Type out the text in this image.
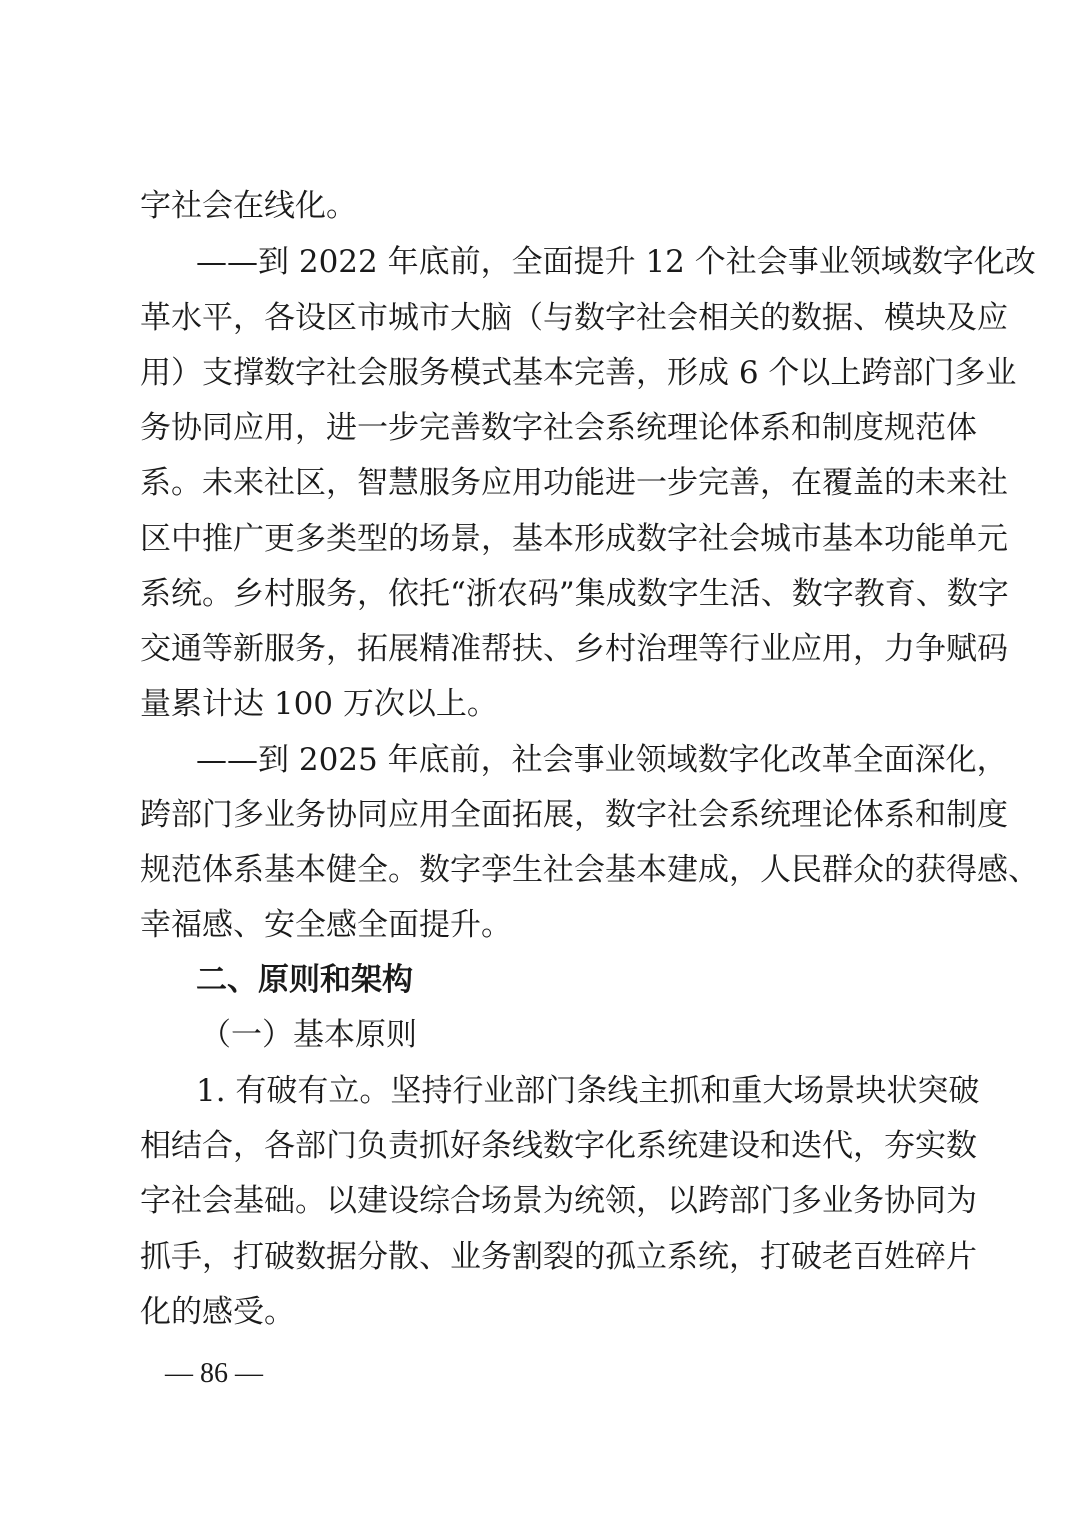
字社会在线化。
——到 2022 年底前，全面提升 12 个社会事业领域数字化改
革水平，各设区市城市大脑（与数字社会相关的数据、模块及应
用）支撑数字社会服务模式基本完善，形成 6 个以上跨部门多业
务协同应用，进一步完善数字社会系统理论体系和制度规范体
系。未来社区，智慧服务应用功能进一步完善，在覆盖的未来社
区中推广更多类型的场景，基本形成数字社会城市基本功能单元
系统。乡村服务，依托“浙农码”集成数字生活、数字教育、数字
交通等新服务，拓展精准帮扶、乡村治理等行业应用，力争赋码
量累计达 100 万次以上。
——到 2025 年底前，社会事业领域数字化改革全面深化，
跨部门多业务协同应用全面拓展，数字社会系统理论体系和制度
规范体系基本健全。数字孪生社会基本建成，人民群众的获得感、
幸福感、安全感全面提升。
二、原则和架构
（一）基本原则
1. 有破有立。坚持行业部门条线主抓和重大场景块状突破
相结合，各部门负责抓好条线数字化系统建设和迭代，夯实数
字社会基础。以建设综合场景为统领，以跨部门多业务协同为
抓手，打破数据分散、业务割裂的孤立系统，打破老百姓碎片
化的感受。
— 86 —
